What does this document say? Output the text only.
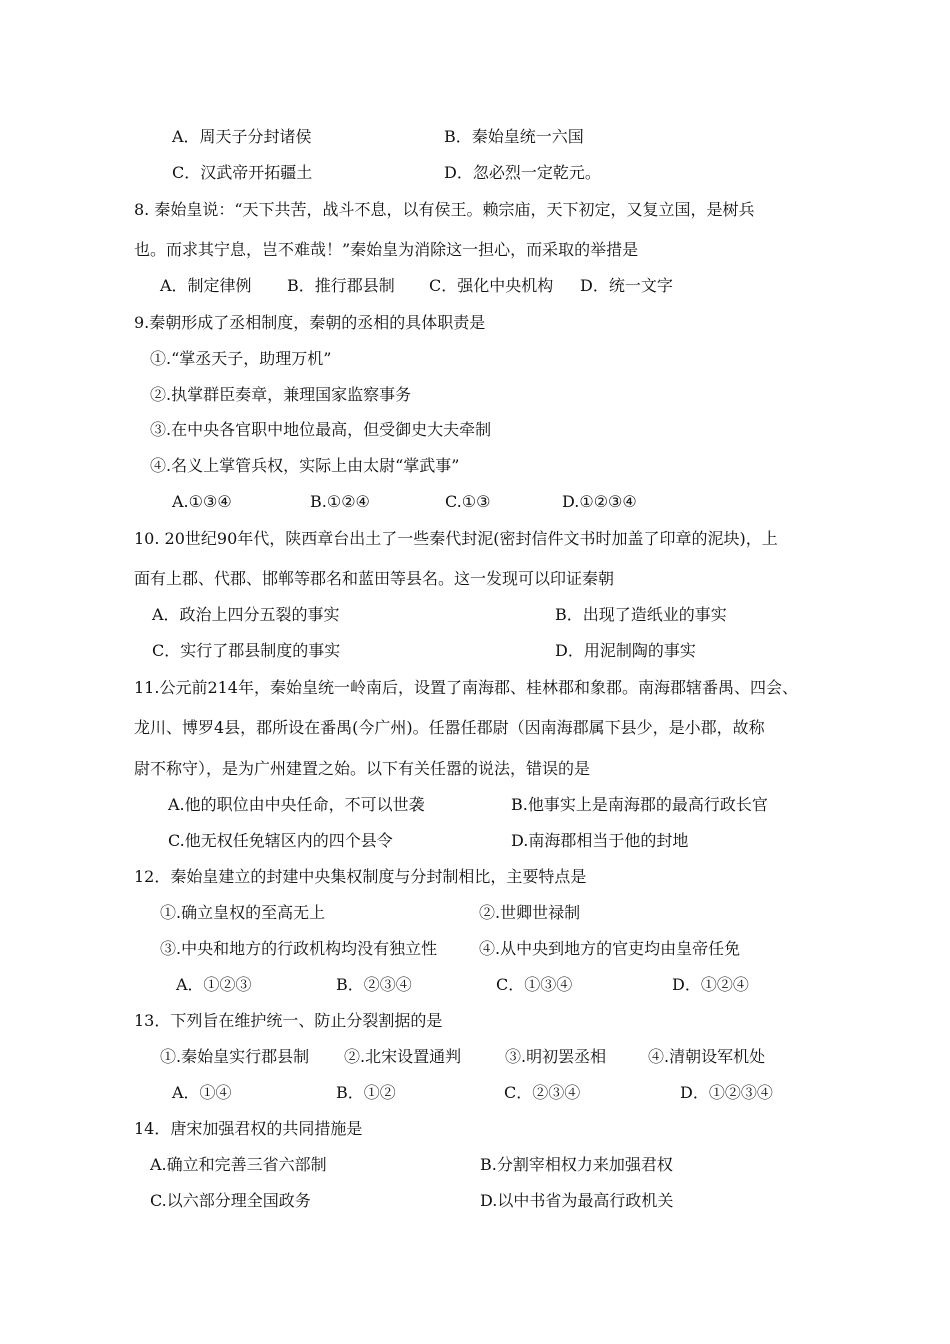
A．周天子分封诸侯	B．秦始皇统一六国
C．汉武帝开拓疆土	D．忽必烈一定乾元。
8. 秦始皇说：“天下共苦，战斗不息，以有侯王。赖宗庙，天下初定，又复立国，是树兵
也。而求其宁息，岂不难哉！”秦始皇为消除这一担心，而采取的举措是
A．制定律例 B．推行郡县制 C．强化中央机构 D．统一文字
9.秦朝形成了丞相制度，秦朝的丞相的具体职责是
①.“掌丞天子，助理万机”
②.执掌群臣奏章，兼理国家监察事务
③.在中央各官职中地位最高，但受御史大夫牵制
④.名义上掌管兵权，实际上由太尉“掌武事”
A.①③④	B.①②④	C.①③	D.①②③④
10. 20世纪90年代，陕西章台出土了一些秦代封泥(密封信件文书时加盖了印章的泥块)，上
面有上郡、代郡、邯郸等郡名和蓝田等县名。这一发现可以印证秦朝
A．政治上四分五裂的事实	B．出现了造纸业的事实
C．实行了郡县制度的事实	D．用泥制陶的事实
11.公元前214年，秦始皇统一岭南后，设置了南海郡、桂林郡和象郡。南海郡辖番禺、四会、
龙川、博罗4县，郡所设在番禺(今广州)。任嚣任郡尉（因南海郡属下县少，是小郡，故称
尉不称守），是为广州建置之始。以下有关任嚣的说法，错误的是
A.他的职位由中央任命，不可以世袭	B.他事实上是南海郡的最高行政长官
C.他无权任免辖区内的四个县令	D.南海郡相当于他的封地
12．秦始皇建立的封建中央集权制度与分封制相比，主要特点是
①.确立皇权的至高无上	②.世卿世禄制
③.中央和地方的行政机构均没有独立性	④.从中央到地方的官吏均由皇帝任免
A．①②③	B．②③④	C．①③④	D．①②④
13．下列旨在维护统一、防止分裂割据的是
①.秦始皇实行郡县制 ②.北宋设置通判	③.明初罢丞相	④.清朝设军机处
A．①④	B．①②	C．②③④	D．①②③④
14．唐宋加强君权的共同措施是
A.确立和完善三省六部制	B.分割宰相权力来加强君权
C.以六部分理全国政务	D.以中书省为最高行政机关
